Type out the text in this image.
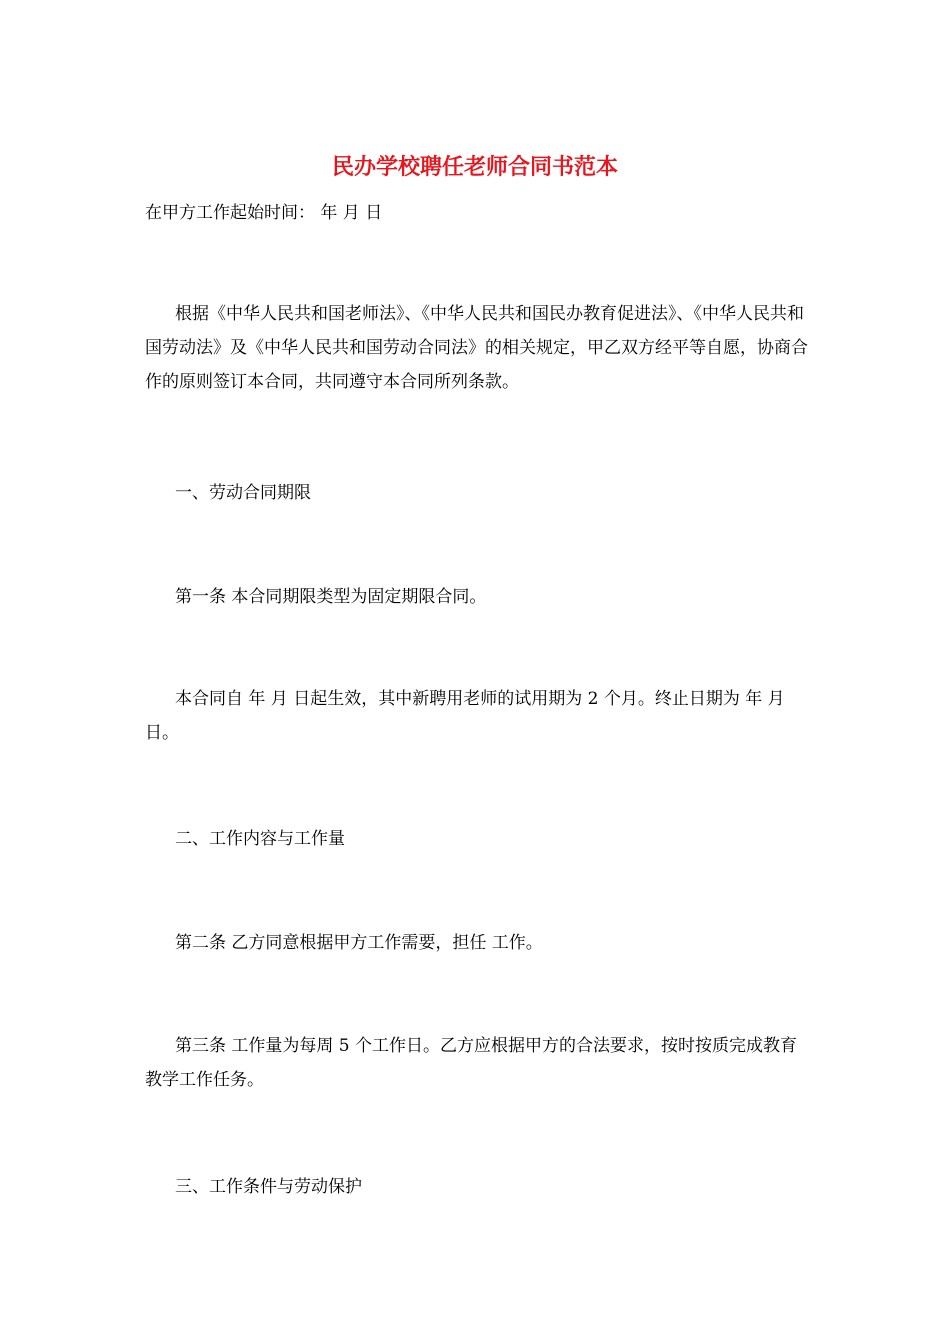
民办学校聘任老师合同书范本
在甲方工作起始时间： 年 月 日
根据《中华人民共和国老师法》、《中华人民共和国民办教育促进法》、《中华人民共和国劳动法》及《中华人民共和国劳动合同法》的相关规定，甲乙双方经平等自愿，协商合作的原则签订本合同，共同遵守本合同所列条款。
一、劳动合同期限
第一条 本合同期限类型为固定期限合同。
本合同自 年 月 日起生效，其中新聘用老师的试用期为 2 个月。终止日期为 年 月 日。
二、工作内容与工作量
第二条 乙方同意根据甲方工作需要，担任 工作。
第三条 工作量为每周 5 个工作日。乙方应根据甲方的合法要求，按时按质完成教育教学工作任务。
三、工作条件与劳动保护
